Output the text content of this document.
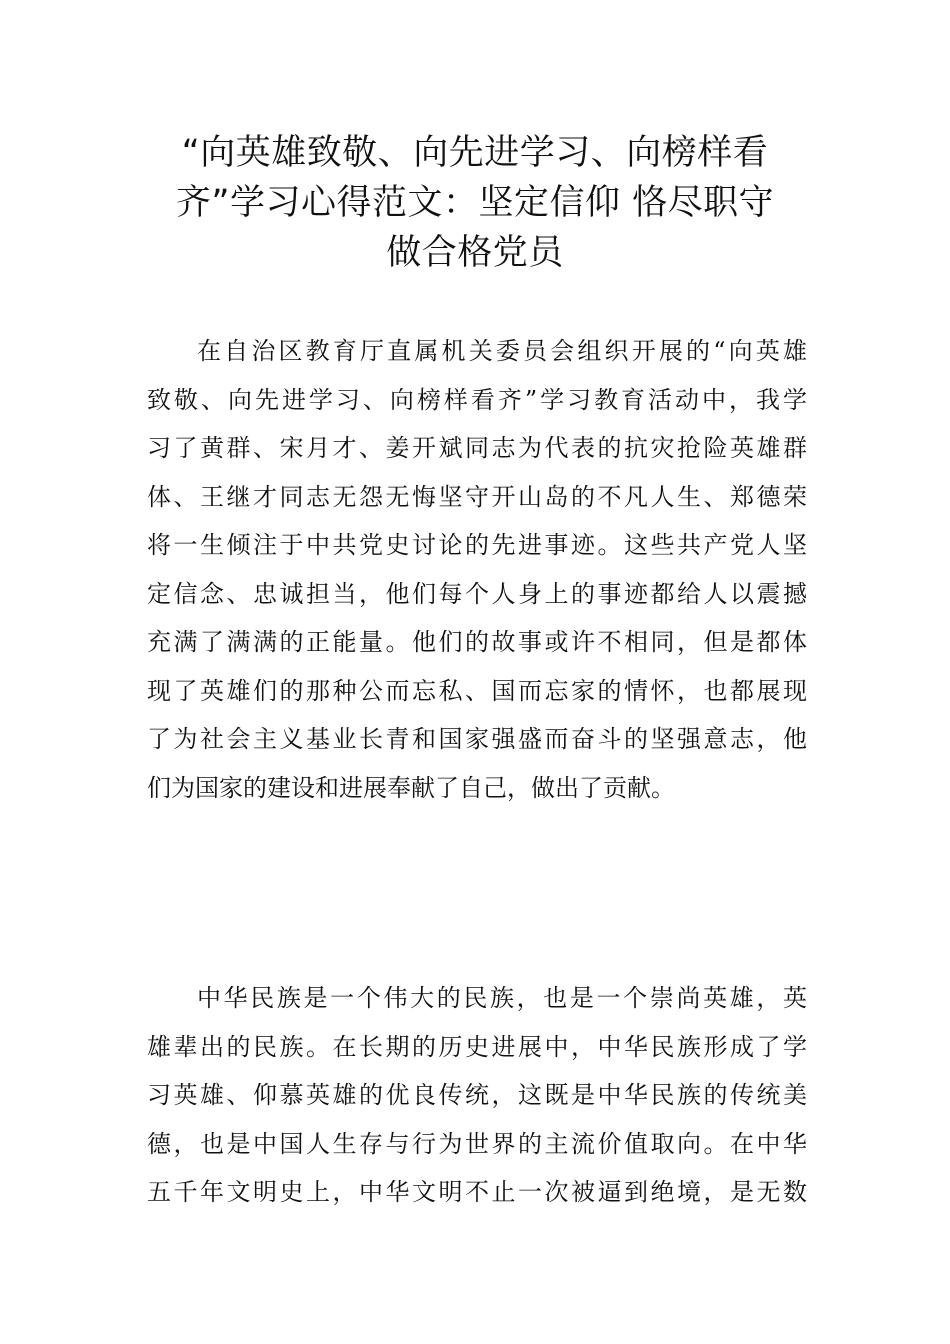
“向英雄致敬、向先进学习、向榜样看
齐”学习心得范文：坚定信仰 恪尽职守
做合格党员
在自治区教育厅直属机关委员会组织开展的“向英雄
致敬、向先进学习、向榜样看齐”学习教育活动中，我学
习了黄群、宋月才、姜开斌同志为代表的抗灾抢险英雄群
体、王继才同志无怨无悔坚守开山岛的不凡人生、郑德荣
将一生倾注于中共党史讨论的先进事迹。这些共产党人坚
定信念、忠诚担当，他们每个人身上的事迹都给人以震撼
充满了满满的正能量。他们的故事或许不相同，但是都体
现了英雄们的那种公而忘私、国而忘家的情怀，也都展现
了为社会主义基业长青和国家强盛而奋斗的坚强意志，他
们为国家的建设和进展奉献了自己，做出了贡献。
中华民族是一个伟大的民族，也是一个崇尚英雄，英
雄辈出的民族。在长期的历史进展中，中华民族形成了学
习英雄、仰慕英雄的优良传统，这既是中华民族的传统美
德，也是中国人生存与行为世界的主流价值取向。在中华
五千年文明史上，中华文明不止一次被逼到绝境，是无数
